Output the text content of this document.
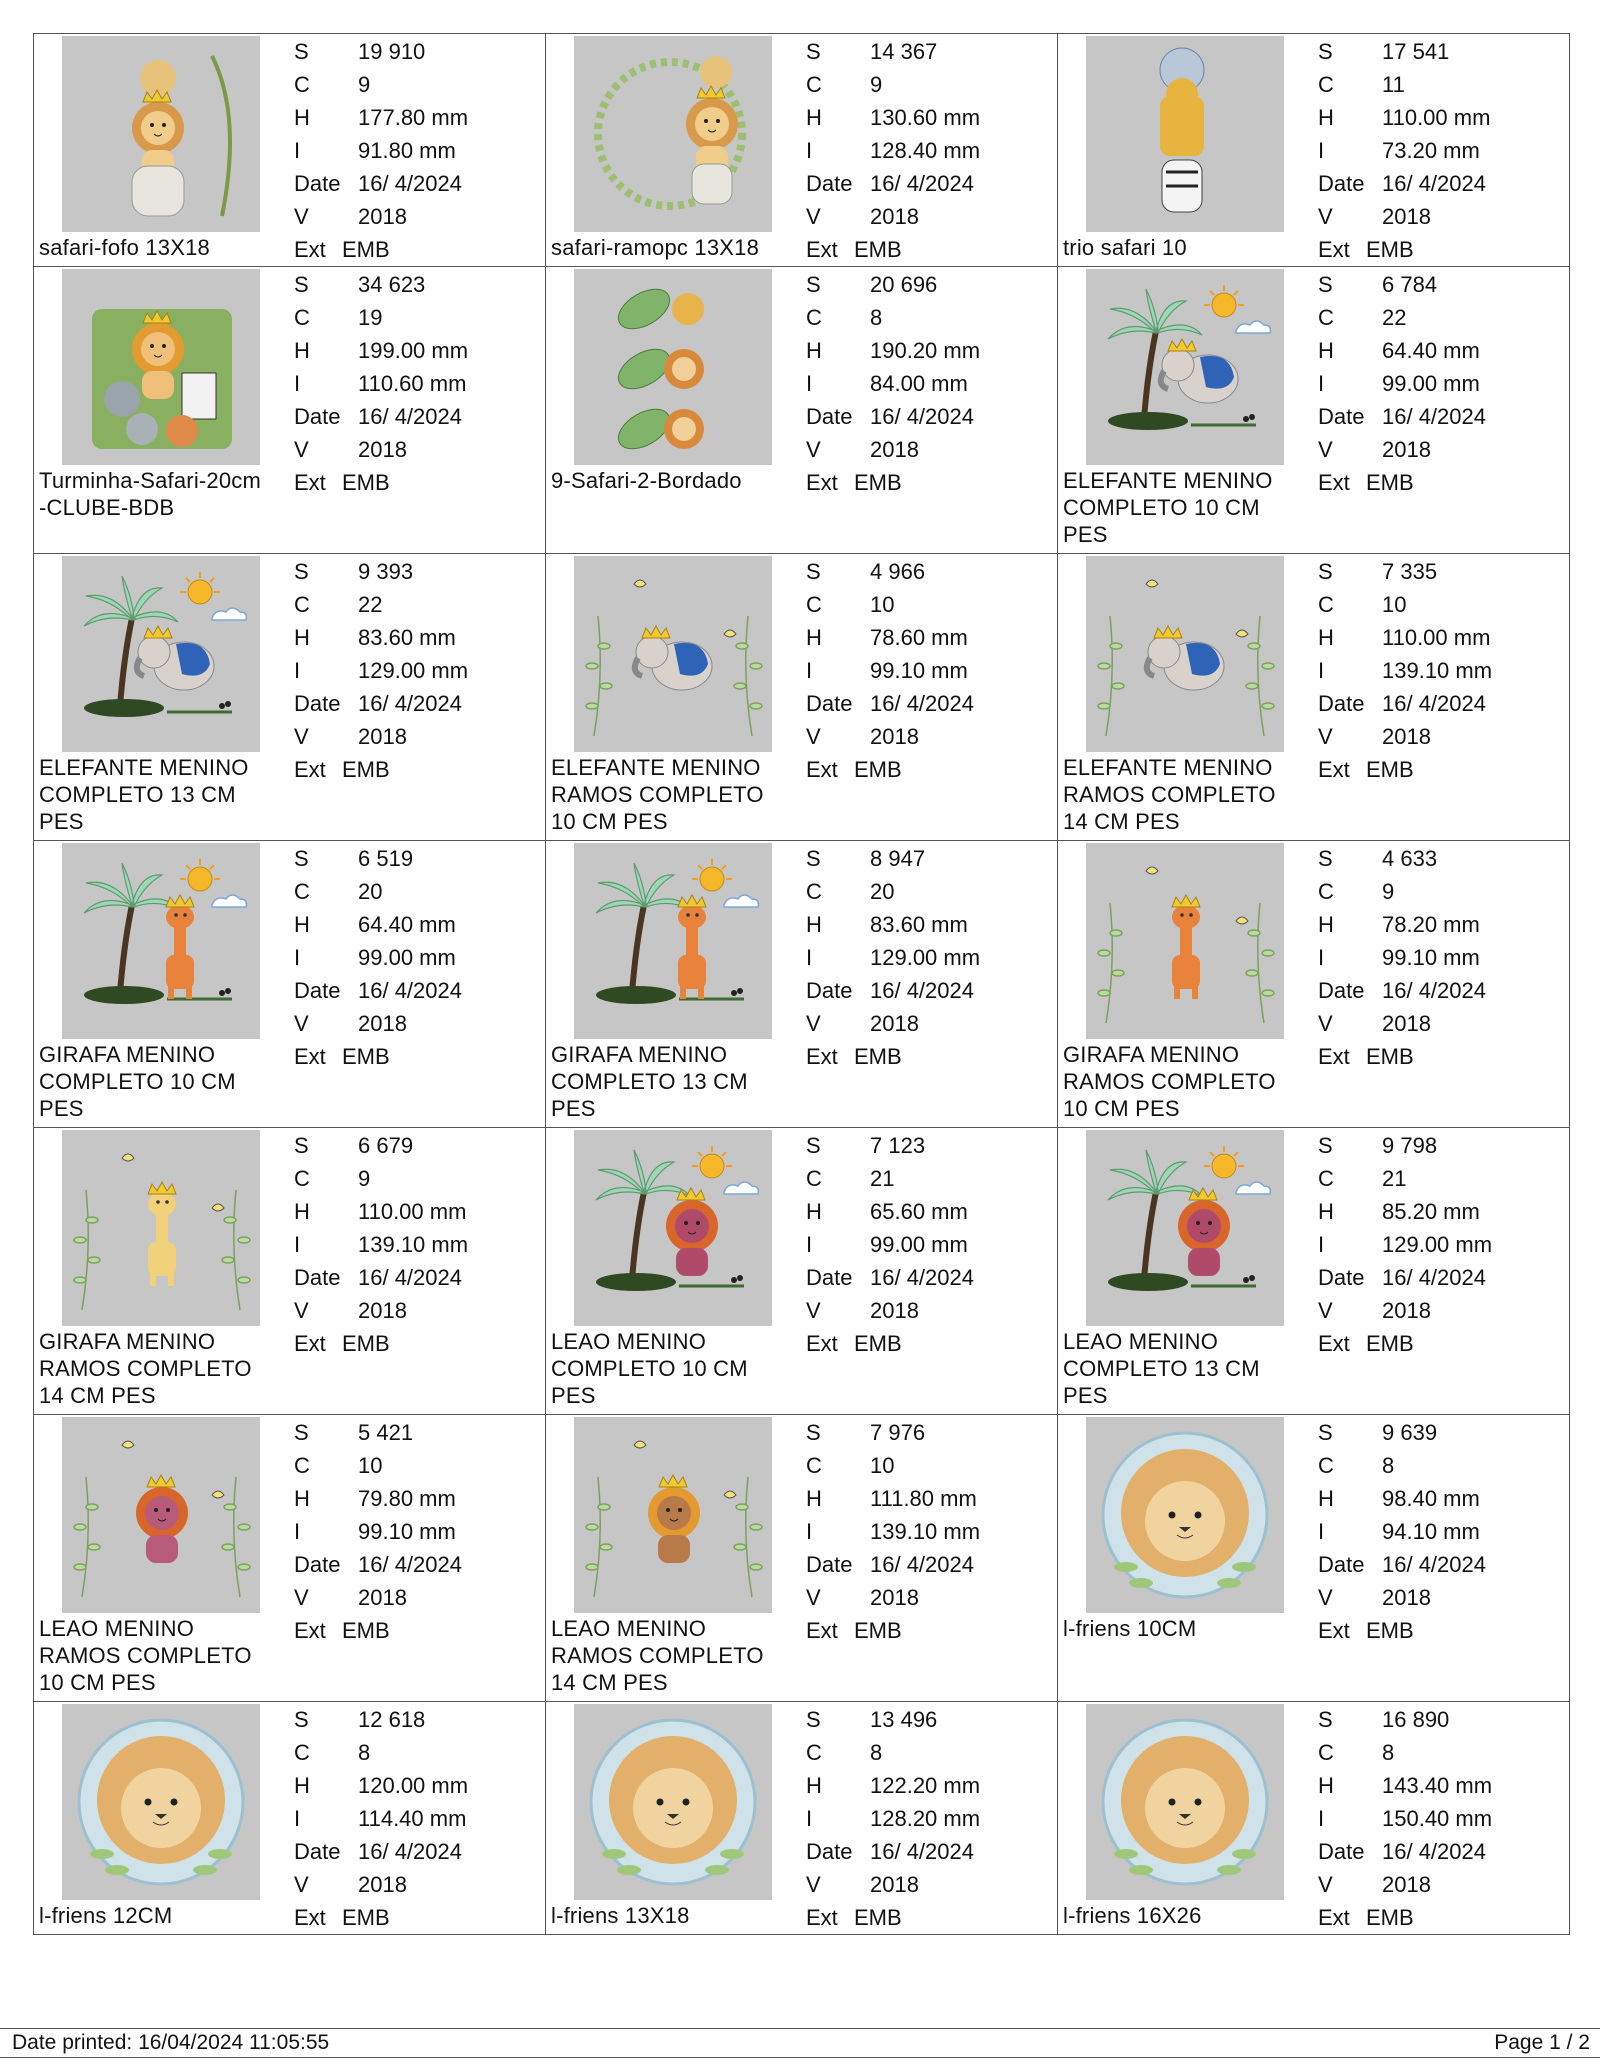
safari-fofo 13X18
S	19 910
C	9
H	177.80 mm
I	91.80 mm
Date 16/ 4/2024
V	2018
Ext EMB	safari-ramopc 13X18
S	14 367
C	9
H	130.60 mm
I	128.40 mm
Date 16/ 4/2024
V	2018
Ext EMB	trio safari 10
S	17 541
C	11
H	110.00 mm
I	73.20 mm
Date 16/ 4/2024
V	2018
Ext EMB
Turminha-Safari-20cm
-CLUBE-BDB
S	34 623
C	19
H	199.00 mm
I	110.60 mm
Date 16/ 4/2024
V	2018
Ext EMB	9-Safari-2-Bordado
S	20 696
C	8
H	190.20 mm
I	84.00 mm
Date 16/ 4/2024
V	2018
Ext EMB	ELEFANTE MENINO
COMPLETO 10 CM
PES
S	6 784
C	22
H	64.40 mm
I	99.00 mm
Date 16/ 4/2024
V	2018
Ext EMB
ELEFANTE MENINO
COMPLETO 13 CM
PES
S	9 393
C	22
H	83.60 mm
I	129.00 mm
Date 16/ 4/2024
V	2018
Ext EMB	ELEFANTE MENINO
RAMOS COMPLETO
10 CM PES
S	4 966
C	10
H	78.60 mm
I	99.10 mm
Date 16/ 4/2024
V	2018
Ext EMB	ELEFANTE MENINO
RAMOS COMPLETO
14 CM PES
S	7 335
C	10
H	110.00 mm
I	139.10 mm
Date 16/ 4/2024
V	2018
Ext EMB
GIRAFA MENINO
COMPLETO 10 CM
PES
S	6 519
C	20
H	64.40 mm
I	99.00 mm
Date 16/ 4/2024
V	2018
Ext EMB	GIRAFA MENINO
COMPLETO 13 CM
PES
S	8 947
C	20
H	83.60 mm
I	129.00 mm
Date 16/ 4/2024
V	2018
Ext EMB	GIRAFA MENINO
RAMOS COMPLETO
10 CM PES
S	4 633
C	9
H	78.20 mm
I	99.10 mm
Date 16/ 4/2024
V	2018
Ext EMB
GIRAFA MENINO
RAMOS COMPLETO
14 CM PES
S	6 679
C	9
H	110.00 mm
I	139.10 mm
Date 16/ 4/2024
V	2018
Ext EMB	LEAO MENINO
COMPLETO 10 CM
PES
S	7 123
C	21
H	65.60 mm
I	99.00 mm
Date 16/ 4/2024
V	2018
Ext EMB	LEAO MENINO
COMPLETO 13 CM
PES
S	9 798
C	21
H	85.20 mm
I	129.00 mm
Date 16/ 4/2024
V	2018
Ext EMB
LEAO MENINO
RAMOS COMPLETO
10 CM PES
S	5 421
C	10
H	79.80 mm
I	99.10 mm
Date 16/ 4/2024
V	2018
Ext EMB	LEAO MENINO
RAMOS COMPLETO
14 CM PES
S	7 976
C	10
H	111.80 mm
I	139.10 mm
Date 16/ 4/2024
V	2018
Ext EMB	l-friens 10CM
S	9 639
C	8
H	98.40 mm
I	94.10 mm
Date 16/ 4/2024
V	2018
Ext EMB
l-friens 12CM
S	12 618
C	8
H	120.00 mm
I	114.40 mm
Date 16/ 4/2024
V	2018
Ext EMB	l-friens 13X18
S	13 496
C	8
H	122.20 mm
I	128.20 mm
Date 16/ 4/2024
V	2018
Ext EMB	l-friens 16X26
S	16 890
C	8
H	143.40 mm
I	150.40 mm
Date 16/ 4/2024
V	2018
Ext EMB
Date printed: 16/04/2024 11:05:55	Page 1 / 2
